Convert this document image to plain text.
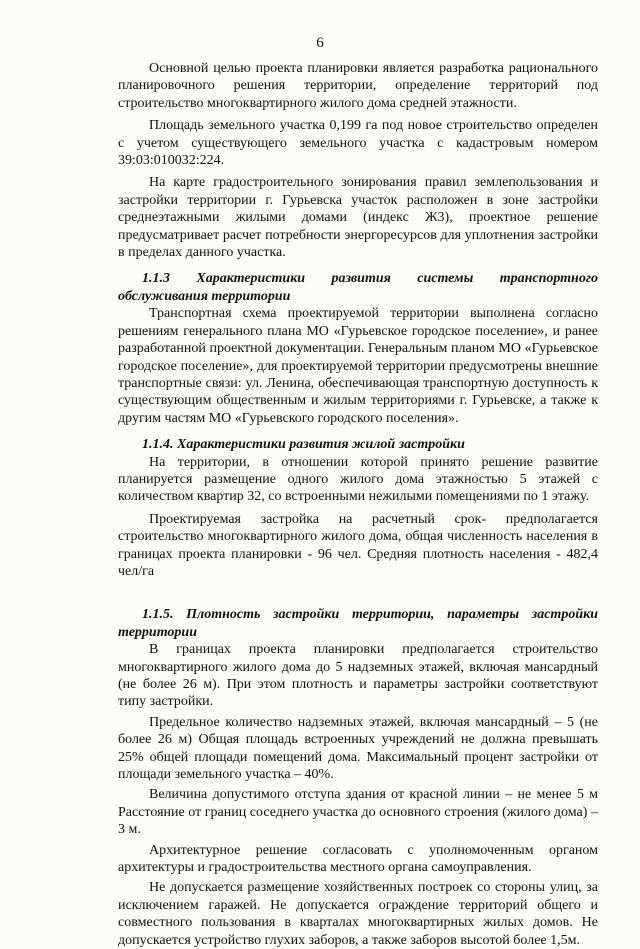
6

Основной целью проекта планировки является разработка рационального планировочного решения территории, определение территорий под строительство многоквартирного жилого дома средней этажности.

Площадь земельного участка 0,199 га под новое строительство определен с учетом существующего земельного участка с кадастровым номером 39:03:010032:224.

На карте градостроительного зонирования правил землепользования и застройки территории г. Гурьевска участок расположен в зоне застройки среднеэтажными жилыми домами (индекс Ж3), проектное решение предусматривает расчет потребности энергоресурсов для уплотнения застройки в пределах данного участка.

1.1.3 Характеристики развития системы транспортного обслуживания территории

Транспортная схема проектируемой территории выполнена согласно решениям генерального плана МО «Гурьевское городское поселение», и ранее разработанной проектной документации. Генеральным планом МО «Гурьевское городское поселение», для проектируемой территории предусмотрены внешние транспортные связи: ул. Ленина, обеспечивающая транспортную доступность к существующим общественным и жилым территориями г. Гурьевске, а также к другим частям МО «Гурьевского городского поселения».

1.1.4. Характеристики развития жилой застройки

На территории, в отношении которой принято решение развитие планируется размещение одного жилого дома этажностью 5 этажей с количеством квартир 32, со встроенными нежилыми помещениями по 1 этажу.

Проектируемая застройка на расчетный срок- предполагается строительство многоквартирного жилого дома, общая численность населения в границах проекта планировки - 96 чел. Средняя плотность населения - 482,4 чел/га

1.1.5. Плотность застройки территории, параметры застройки территории

В границах проекта планировки предполагается строительство многоквартирного жилого дома до 5 надземных этажей, включая мансардный (не более 26 м). При этом плотность и параметры застройки соответствуют типу застройки.

Предельное количество надземных этажей, включая мансардный – 5 (не более 26 м) Общая площадь встроенных учреждений не должна превышать 25% общей площади помещений дома. Максимальный процент застройки от площади земельного участка – 40%.

Величина допустимого отступа здания от красной линии – не менее 5 м Расстояние от границ соседнего участка до основного строения (жилого дома) – 3 м.

Архитектурное решение согласовать с уполномоченным органом архитектуры и градостроительства местного органа самоуправления.

Не допускается размещение хозяйственных построек со стороны улиц, за исключением гаражей. Не допускается ограждение территорий общего и совместного пользования в кварталах многоквартирных жилых домов. Не допускается устройство глухих заборов, а также заборов высотой более 1,5м.
